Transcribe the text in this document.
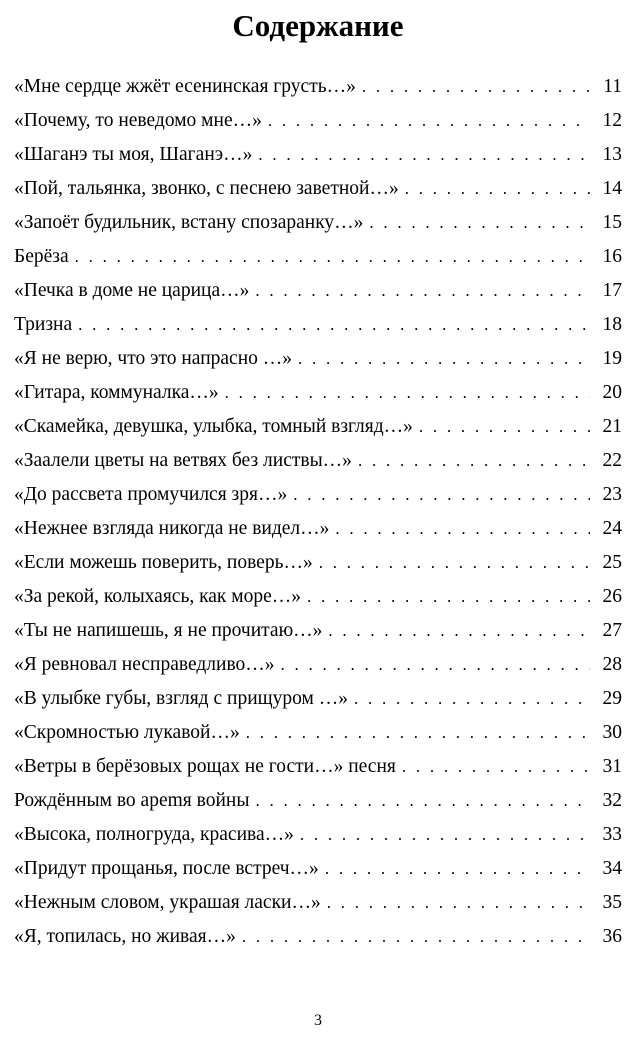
Содержание
«Мне сердце жжёт есенинская грусть…» . . .	11
«Почему, то неведомо мне…» . . .	12
«Шаганэ ты моя, Шаганэ…» . . .	13
«Пой, тальянка, звонко, с песнею заветной…» . . .	14
«Запоёт будильник, встану спозаранку…» . . .	15
Берёза . . .	16
«Печка в доме не царица…» . . .	17
Тризна . . .	18
«Я не верю, что это напрасно …» . . .	19
«Гитара, коммуналка…» . . .	20
«Скамейка, девушка, улыбка, томный взгляд…» . . .	21
«Заалели цветы на ветвях без листвы…» . . .	22
«До рассвета промучился зря…» . . .	23
«Нежнее взгляда никогда не видел…» . . .	24
«Если можешь поверить, поверь…» . . .	25
«За рекой, колыхаясь, как море…» . . .	26
«Ты не напишешь, я не прочитаю…» . . .	27
«Я ревновал несправедливо…» . . .	28
«В улыбке губы, взгляд с прищуром …» . . .	29
«Скромностью лукавой…» . . .	30
«Ветры в берёзовых рощах не гости…» песня . . .	31
Рождённым во арemя войны . . .	32
«Высока, полногруда, красива…» . . .	33
«Придут прощанья, после встреч…» . . .	34
«Нежным словом, украшая ласки…» . . .	35
«Я, топилась, но живая…» . . .	36
3
